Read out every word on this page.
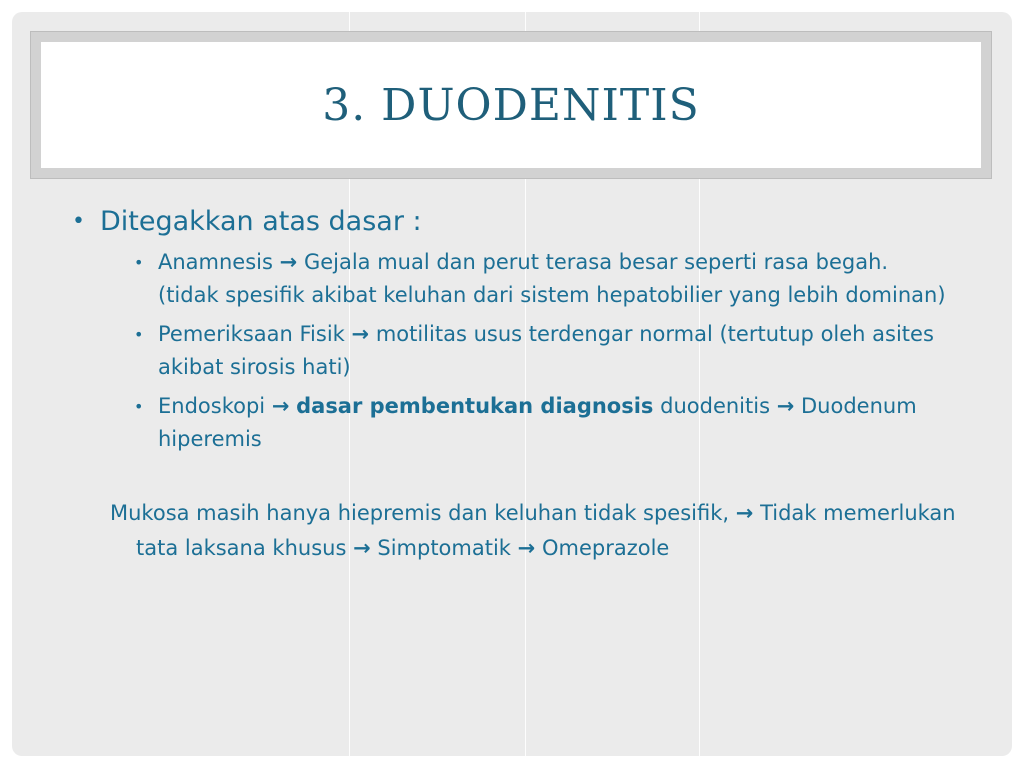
3. DUODENITIS
• Ditegakkan atas dasar :
• Anamnesis → Gejala mual dan perut terasa besar seperti rasa begah. (tidak spesifik akibat keluhan dari sistem hepatobilier yang lebih dominan)
• Pemeriksaan Fisik → motilitas usus terdengar normal (tertutup oleh asites akibat sirosis hati)
• Endoskopi → dasar pembentukan diagnosis duodenitis → Duodenum hiperemis
Mukosa masih hanya hiepremis dan keluhan tidak spesifik, → Tidak memerlukan tata laksana khusus → Simptomatik → Omeprazole
